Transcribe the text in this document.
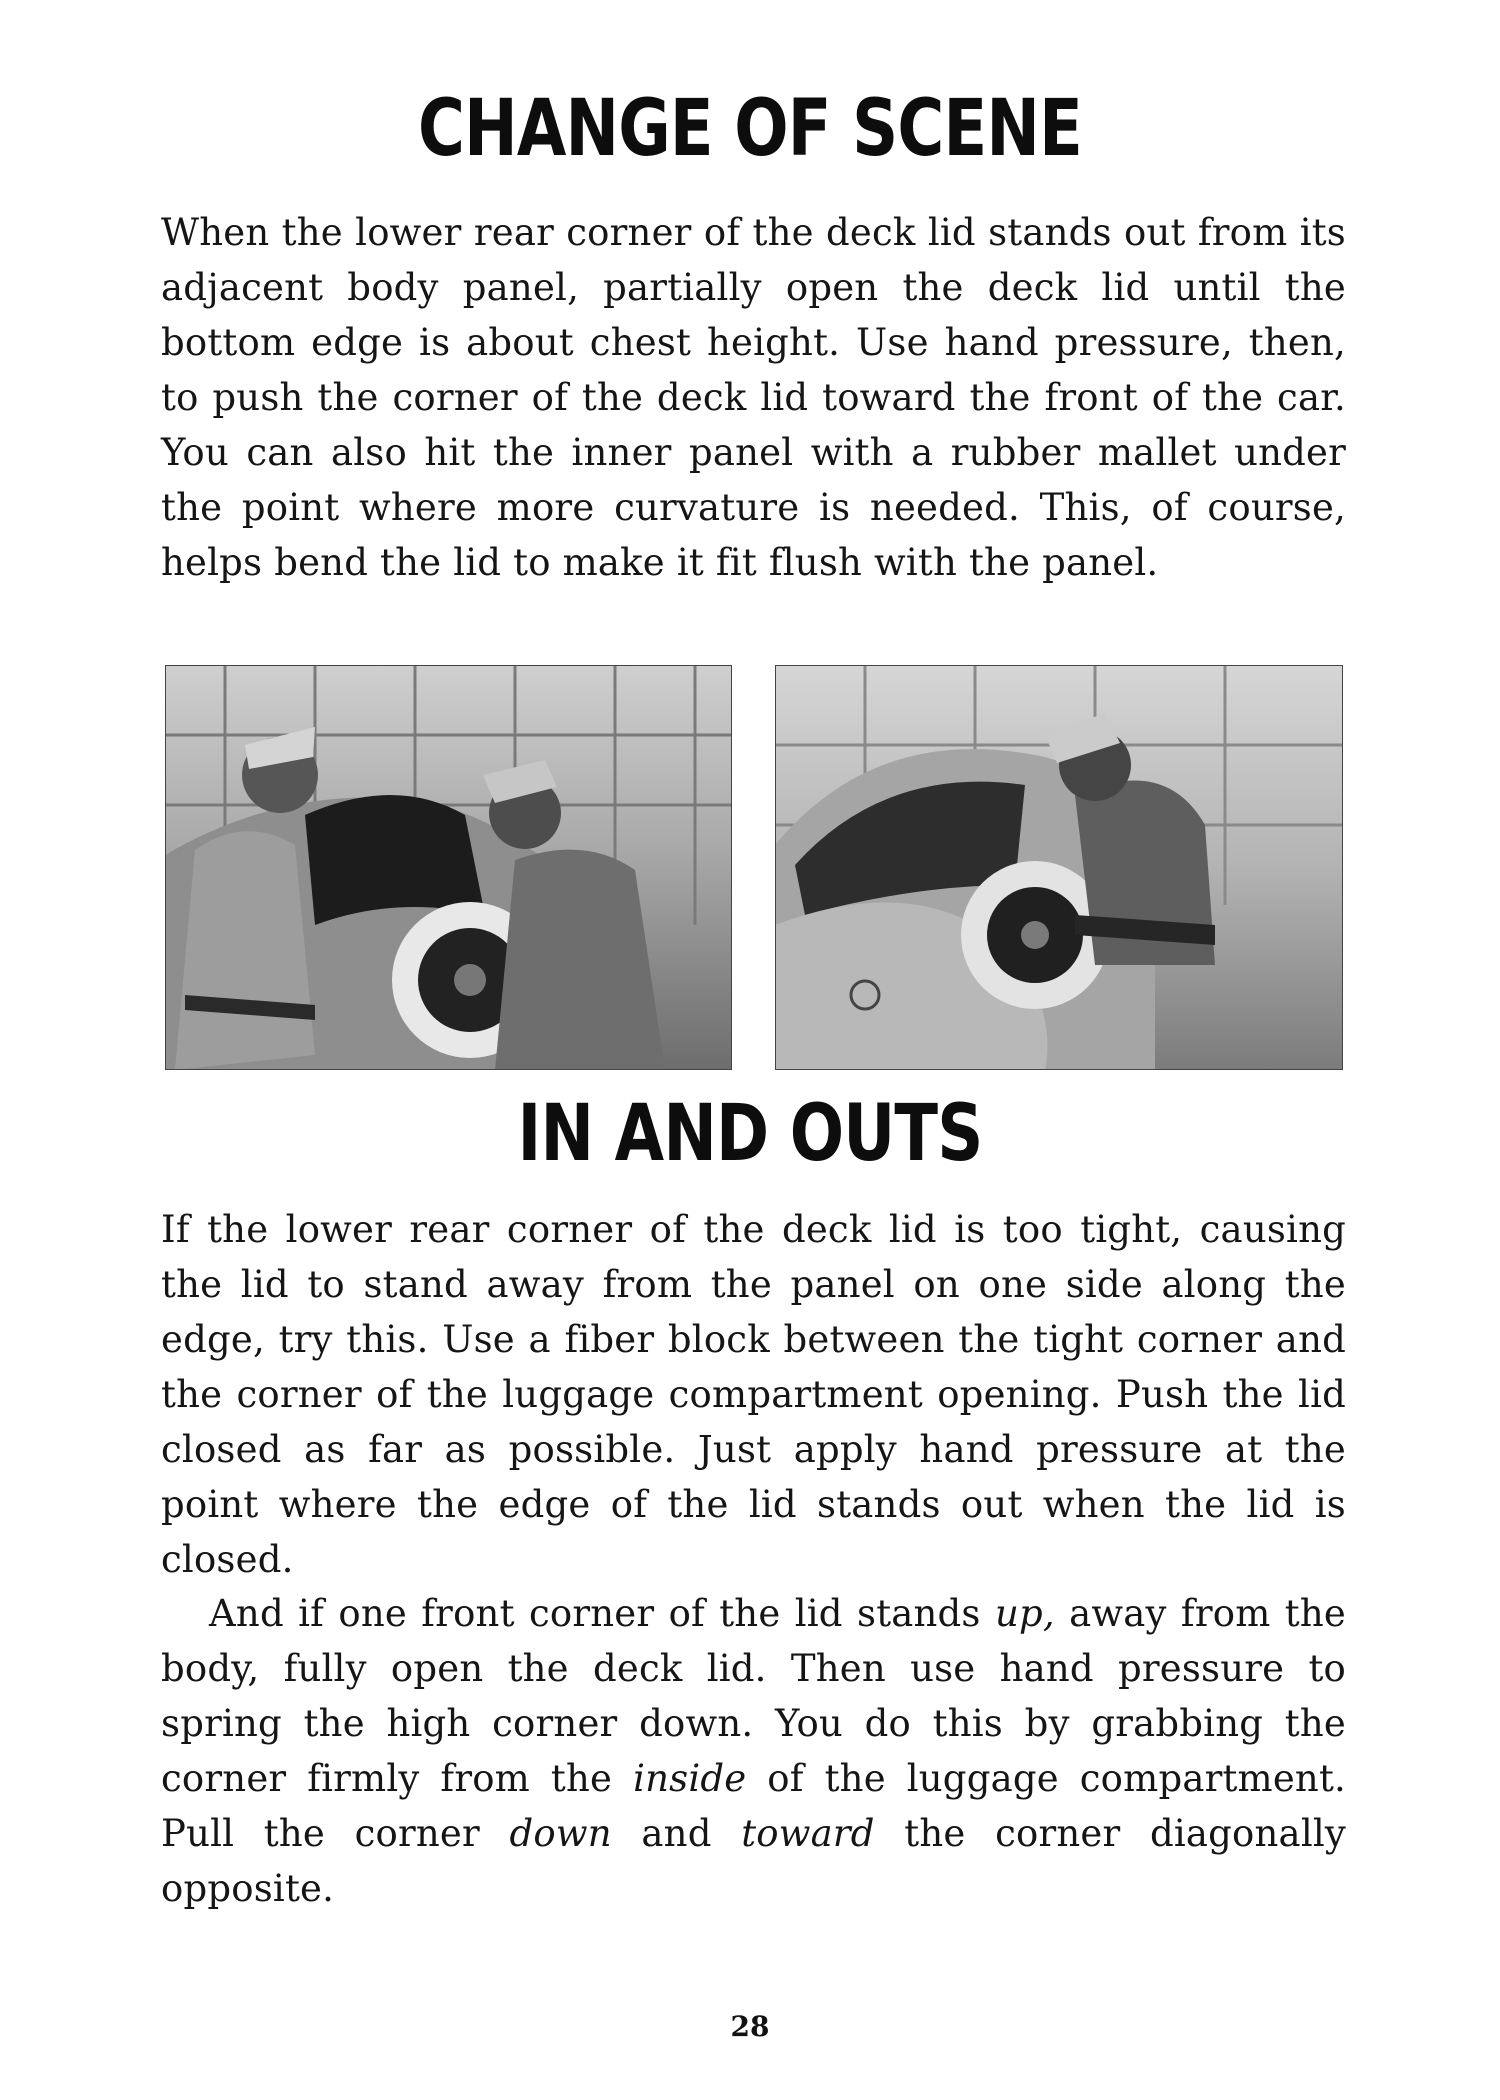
CHANGE OF SCENE

When the lower rear corner of the deck lid stands out from its adjacent body panel, partially open the deck lid until the bottom edge is about chest height. Use hand pressure, then, to push the corner of the deck lid toward the front of the car. You can also hit the inner panel with a rubber mallet under the point where more curvature is needed. This, of course, helps bend the lid to make it fit flush with the panel.

IN AND OUTS

If the lower rear corner of the deck lid is too tight, causing the lid to stand away from the panel on one side along the edge, try this. Use a fiber block between the tight corner and the corner of the luggage compartment opening. Push the lid closed as far as possible. Just apply hand pressure at the point where the edge of the lid stands out when the lid is closed.

And if one front corner of the lid stands up, away from the body, fully open the deck lid. Then use hand pressure to spring the high corner down. You do this by grabbing the corner firmly from the inside of the luggage compartment. Pull the corner down and toward the corner diagonally opposite.

28
